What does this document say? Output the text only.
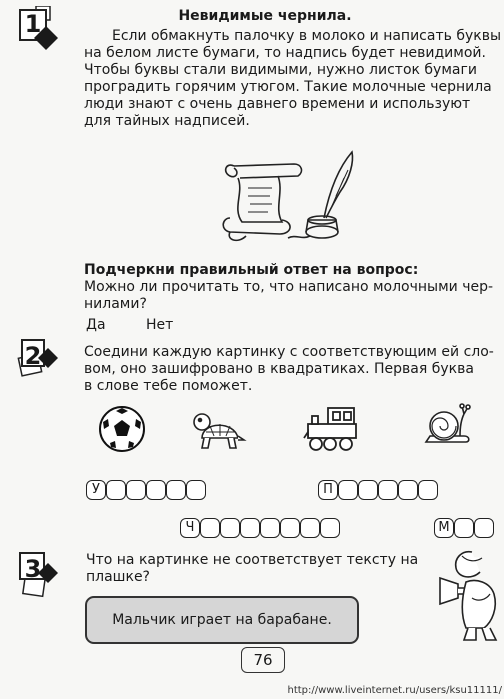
1	Невидимые чернила.
Если обмакнуть палочку в молоко и написать буквы
на белом листе бумаги, то надпись будет невидимой.
Чтобы буквы стали видимыми, нужно листок бумаги
проградить горячим утюгом. Такие молочные чернила
люди знают с очень давнего времени и используют
для тайных надписей.
Подчеркни правильный ответ на вопрос:
Можно ли прочитать то, что написано молочными чер-
нилами?
Да	Нет
2	Соедини каждую картинку с соответствующим ей сло-
вом, оно зашифровано в квадратиках. Первая буква
в слове тебе поможет.
У	П
Ч	М
3	Что на картинке не соответствует тексту на
плашке?
Мальчик играет на барабане.
76
http://www.liveinternet.ru/users/ksu11111/
